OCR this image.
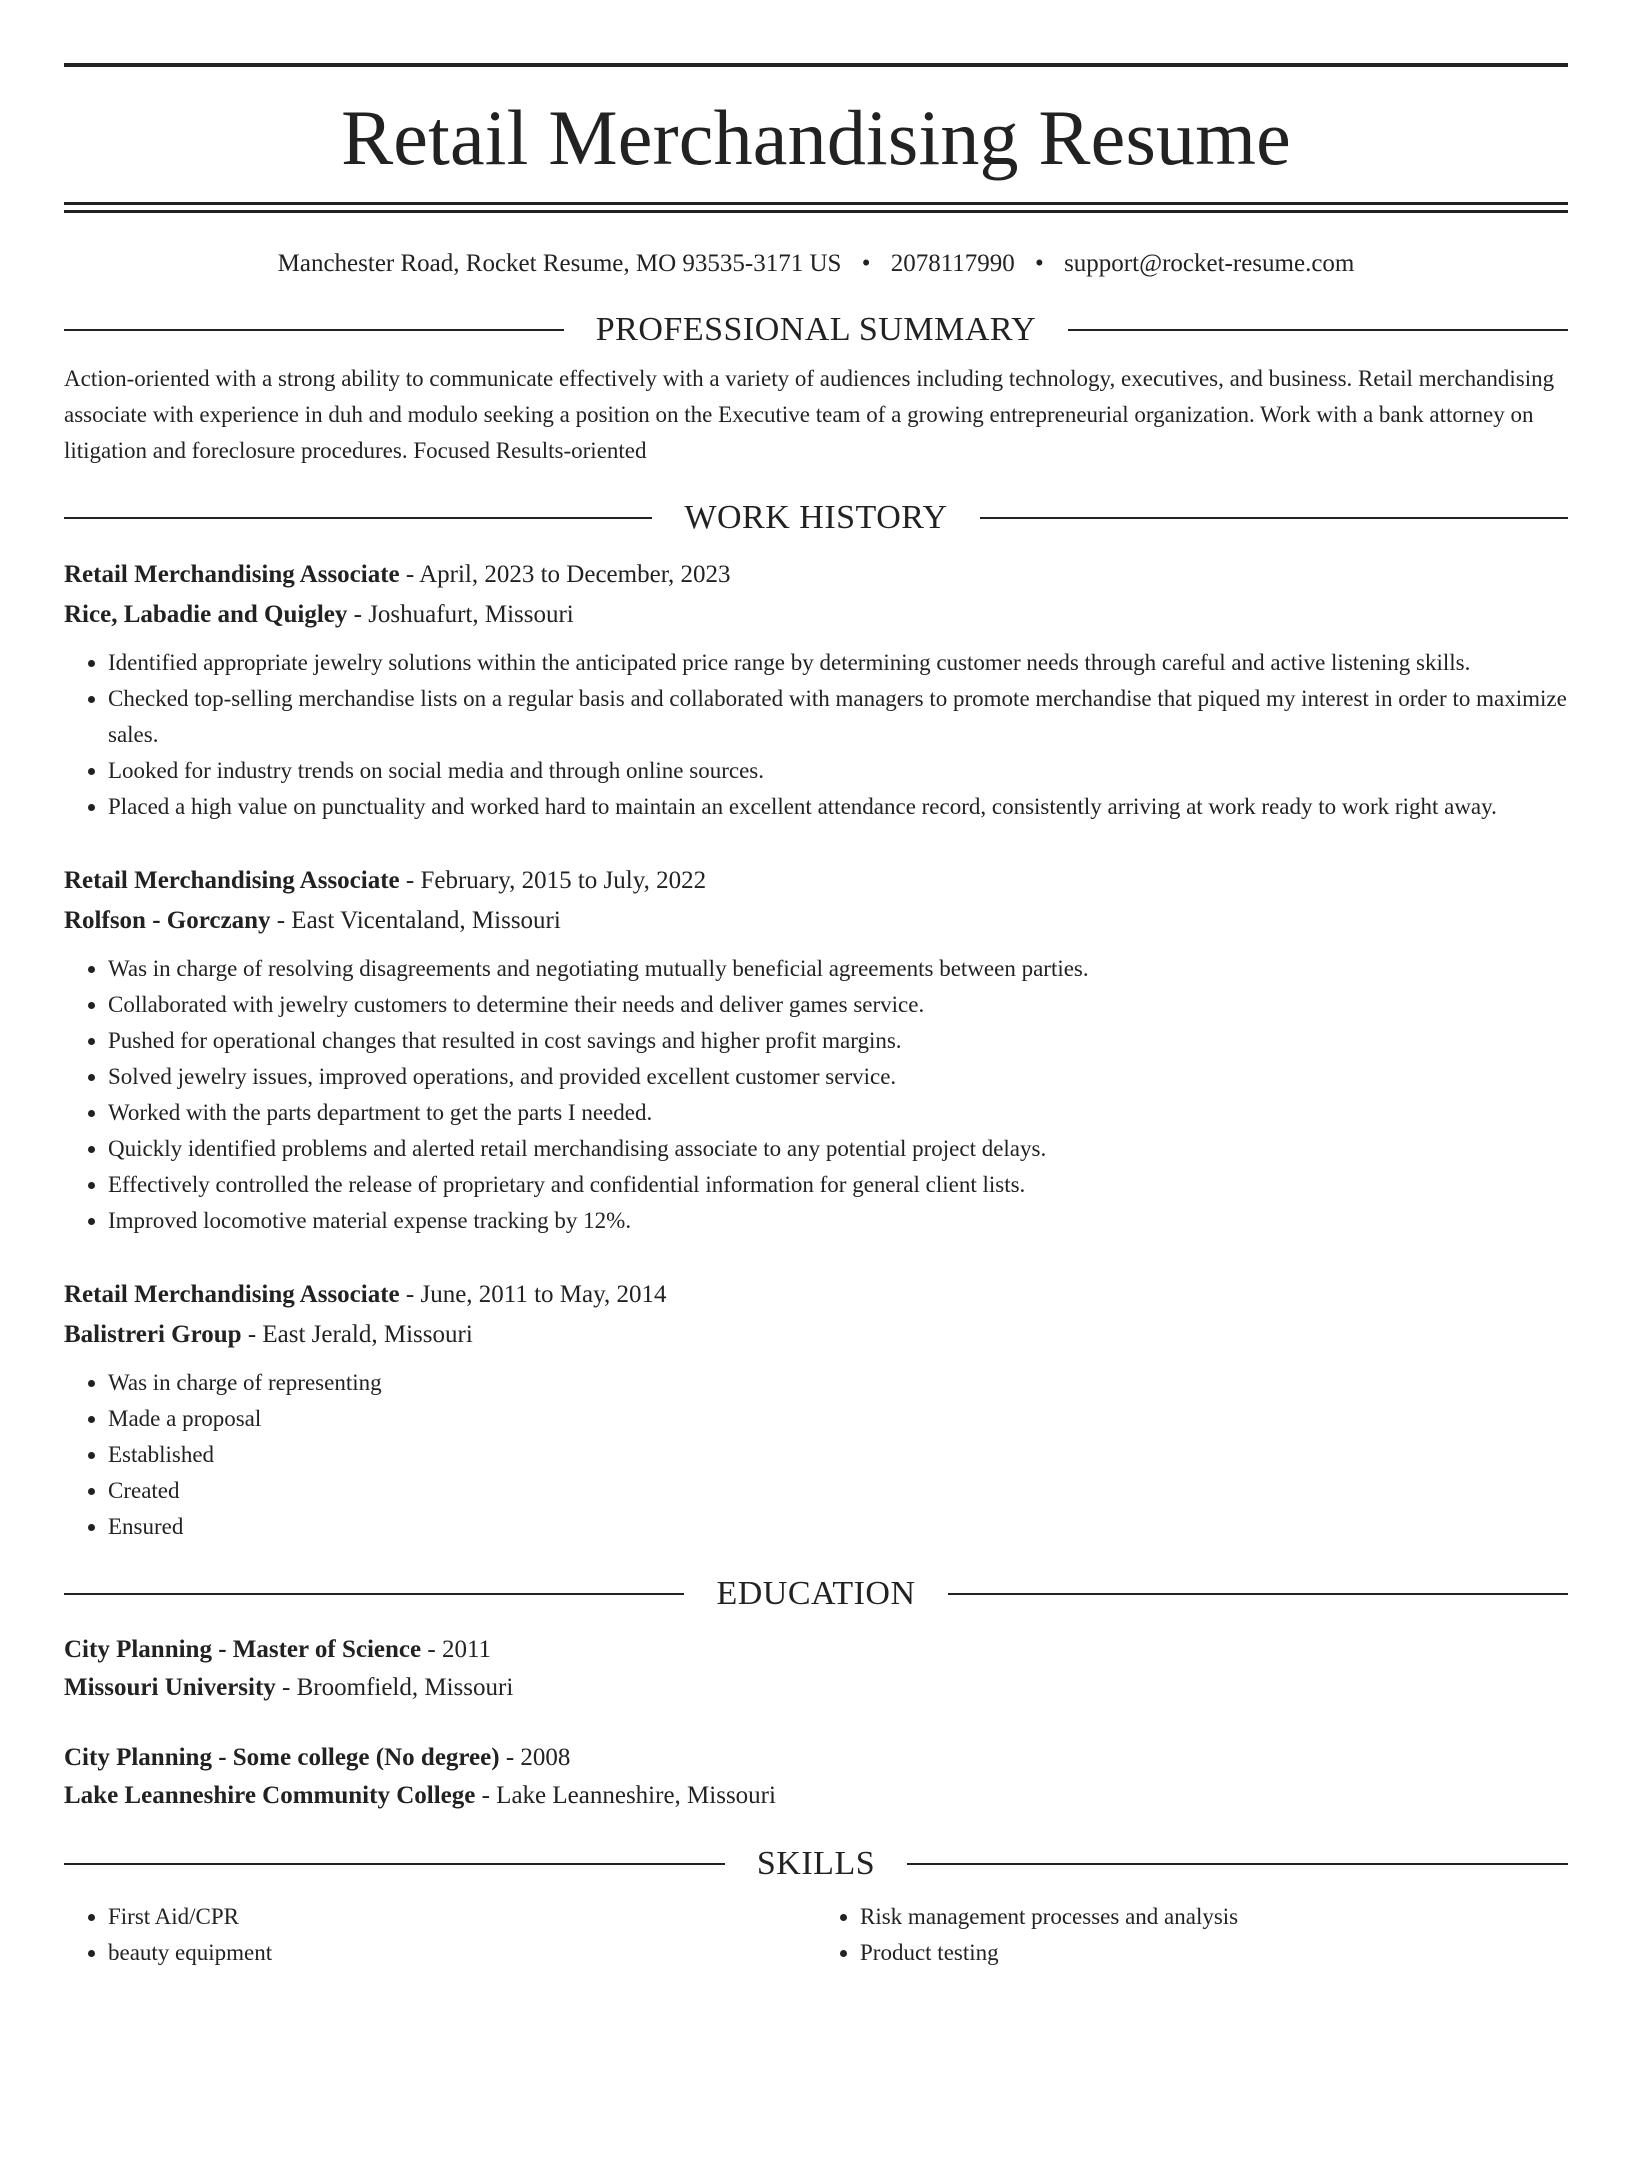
Retail Merchandising Resume
Manchester Road, Rocket Resume, MO 93535-3171 US • 2078117990 • support@rocket-resume.com
PROFESSIONAL SUMMARY
Action-oriented with a strong ability to communicate effectively with a variety of audiences including technology, executives, and business. Retail merchandising associate with experience in duh and modulo seeking a position on the Executive team of a growing entrepreneurial organization. Work with a bank attorney on litigation and foreclosure procedures. Focused Results-oriented
WORK HISTORY
Retail Merchandising Associate - April, 2023 to December, 2023
Rice, Labadie and Quigley - Joshuafurt, Missouri
• Identified appropriate jewelry solutions within the anticipated price range by determining customer needs through careful and active listening skills.
• Checked top-selling merchandise lists on a regular basis and collaborated with managers to promote merchandise that piqued my interest in order to maximize sales.
• Looked for industry trends on social media and through online sources.
• Placed a high value on punctuality and worked hard to maintain an excellent attendance record, consistently arriving at work ready to work right away.
Retail Merchandising Associate - February, 2015 to July, 2022
Rolfson - Gorczany - East Vicentaland, Missouri
• Was in charge of resolving disagreements and negotiating mutually beneficial agreements between parties.
• Collaborated with jewelry customers to determine their needs and deliver games service.
• Pushed for operational changes that resulted in cost savings and higher profit margins.
• Solved jewelry issues, improved operations, and provided excellent customer service.
• Worked with the parts department to get the parts I needed.
• Quickly identified problems and alerted retail merchandising associate to any potential project delays.
• Effectively controlled the release of proprietary and confidential information for general client lists.
• Improved locomotive material expense tracking by 12%.
Retail Merchandising Associate - June, 2011 to May, 2014
Balistreri Group - East Jerald, Missouri
• Was in charge of representing
• Made a proposal
• Established
• Created
• Ensured
EDUCATION
City Planning - Master of Science - 2011
Missouri University - Broomfield, Missouri
City Planning - Some college (No degree) - 2008
Lake Leanneshire Community College - Lake Leanneshire, Missouri
SKILLS
• First Aid/CPR
• beauty equipment
• Risk management processes and analysis
• Product testing
